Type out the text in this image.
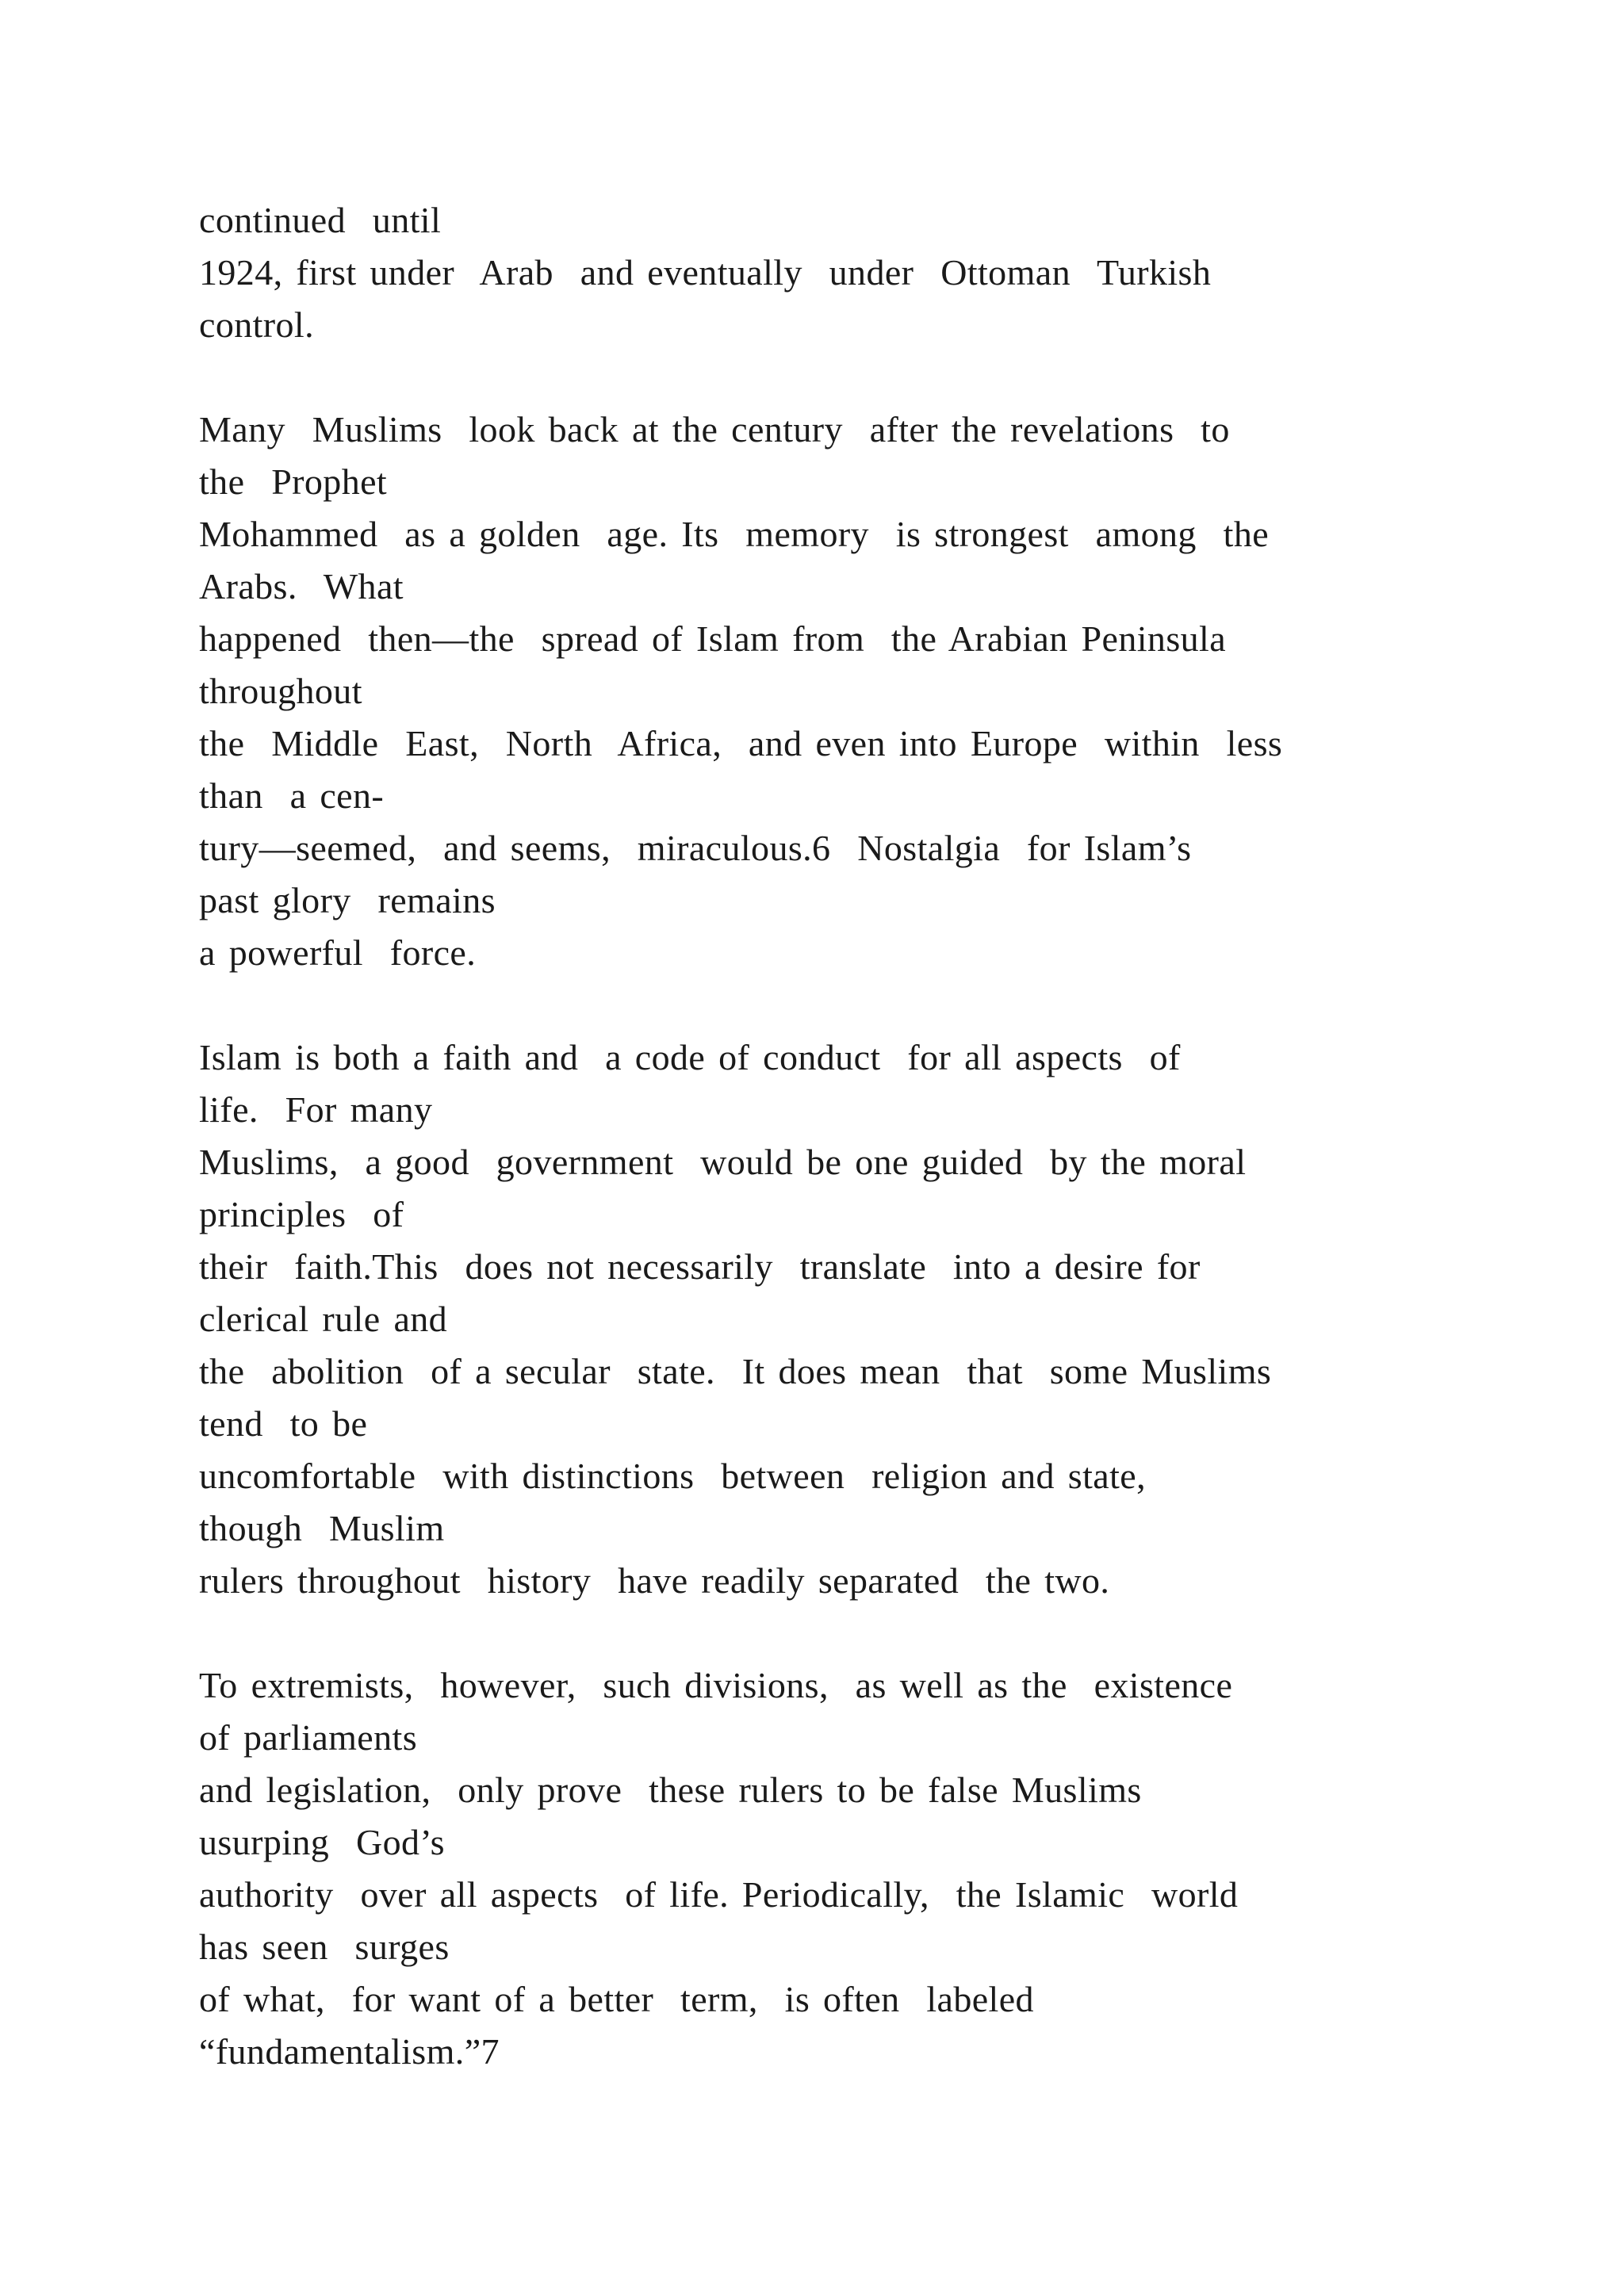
continued  until
1924, first under  Arab  and eventually  under  Ottoman  Turkish
control.
Many  Muslims  look back at the century  after the revelations  to
the  Prophet
Mohammed  as a golden  age. Its  memory  is strongest  among  the
Arabs.  What
happened  then—the  spread of Islam from  the Arabian Peninsula
throughout
the  Middle  East,  North  Africa,  and even into Europe  within  less
than  a cen-
tury—seemed,  and seems,  miraculous.6  Nostalgia  for Islam’s
past glory  remains
a powerful  force.
Islam is both a faith and  a code of conduct  for all aspects  of
life.  For many
Muslims,  a good  government  would be one guided  by the moral
principles  of
their  faith.This  does not necessarily  translate  into a desire for
clerical rule and
the  abolition  of a secular  state.  It does mean  that  some Muslims
tend  to be
uncomfortable  with distinctions  between  religion and state,
though  Muslim
rulers throughout  history  have readily separated  the two.
To extremists,  however,  such divisions,  as well as the  existence
of parliaments
and legislation,  only prove  these rulers to be false Muslims
usurping  God’s
authority  over all aspects  of life. Periodically,  the Islamic  world
has seen  surges
of what,  for want of a better  term,  is often  labeled
“fundamentalism.”7
